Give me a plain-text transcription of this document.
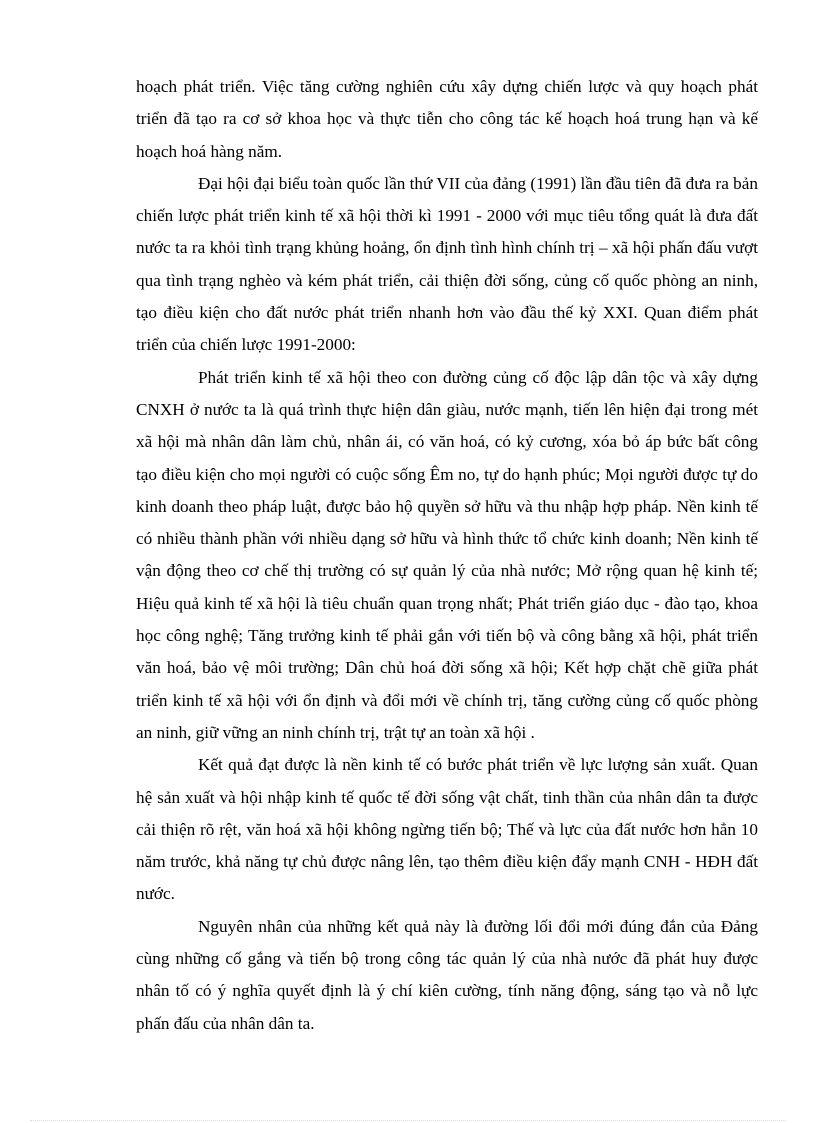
hoạch phát triển. Việc tăng cường nghiên cứu xây dựng chiến lược và quy hoạch phát triển đã tạo ra cơ sở khoa học và thực tiễn cho công tác kế hoạch hoá trung hạn và kế hoạch hoá hàng năm.

Đại hội đại biểu toàn quốc lần thứ VII của đảng (1991) lần đầu tiên đã đưa ra bản chiến lược phát triển kinh tế xã hội thời kì 1991 - 2000 với mục tiêu tổng quát là đưa đất nước ta ra khỏi tình trạng khủng hoảng, ổn định tình hình chính trị – xã hội phấn đấu vượt qua tình trạng nghèo và kém phát triển, cải thiện đời sống, củng cố quốc phòng an ninh, tạo điều kiện cho đất nước phát triển nhanh hơn vào đầu thế kỷ XXI. Quan điểm phát triển của chiến lược 1991-2000:

Phát triển kinh tế xã hội theo con đường củng cố độc lập dân tộc và xây dựng CNXH ở nước ta là quá trình thực hiện dân giàu, nước mạnh, tiến lên hiện đại trong mét xã hội mà nhân dân làm chủ, nhân ái, có văn hoá, có kỷ cương, xóa bỏ áp bức bất công tạo điều kiện cho mọi người có cuộc sống Êm no, tự do hạnh phúc; Mọi người được tự do kinh doanh theo pháp luật, được bảo hộ quyền sở hữu và thu nhập hợp pháp. Nền kinh tế có nhiều thành phần với nhiều dạng sở hữu và hình thức tổ chức kinh doanh; Nền kinh tế vận động theo cơ chế thị trường có sự quản lý của nhà nước; Mở rộng quan hệ kinh tế; Hiệu quả kinh tế xã hội là tiêu chuẩn quan trọng nhất; Phát triển giáo dục - đào tạo, khoa học công nghệ; Tăng trưởng kinh tế phải gắn với tiến bộ và công bằng xã hội, phát triển văn hoá, bảo vệ môi trường; Dân chủ hoá đời sống xã hội; Kết hợp chặt chẽ giữa phát triển kinh tế xã hội với ổn định và đổi mới về chính trị, tăng cường củng cố quốc phòng an ninh, giữ vững an ninh chính trị, trật tự an toàn xã hội .

Kết quả đạt được là nền kinh tế có bước phát triển về lực lượng sản xuất. Quan hệ sản xuất và hội nhập kinh tế quốc tế đời sống vật chất, tinh thần của nhân dân ta được cải thiện rõ rệt, văn hoá xã hội không ngừng tiến bộ; Thế và lực của đất nước hơn hẳn 10 năm trước, khả năng tự chủ được nâng lên, tạo thêm điều kiện đẩy mạnh CNH - HĐH đất nước.

Nguyên nhân của những kết quả này là đường lối đổi mới đúng đắn của Đảng cùng những cố gắng và tiến bộ trong công tác quản lý của nhà nước đã phát huy được nhân tố có ý nghĩa quyết định là ý chí kiên cường, tính năng động, sáng tạo và nỗ lực phấn đấu của nhân dân ta.
